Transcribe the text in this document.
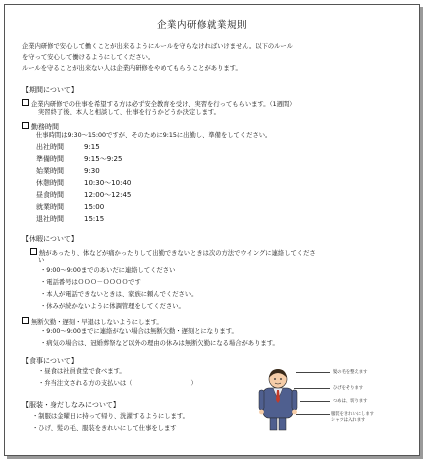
企業内研修就業規則
企業内研修で安心して働くことが出来るようにルールを守らなければいけません。以下のルール
を守って安心して働けるようにしてください。
ルールを守ることが出来ない人は企業内研修をやめてもらうことがあります。
【期間について】
企業内研修での仕事を希望する方は必ず安全教育を受け、実習を行ってもらいます。（1週間）
実習終了後、本人と相談して、仕事を行うかどうか決定します。
勤務時間
仕事時間は9:30～15:00ですが、そのために9:15に出勤し、準備をしてください。
出社時間	9:15
準備時間	9:15～9:25
始業時間	9:30
休憩時間	10:30～10:40
昼食時間	12:00～12:45
就業時間	15:00
退社時間	15:15
【休暇について】
熱があったり、体などが痛かったりして出勤できないときは次の方法でウイングに連絡してくださ
い
・9:00～9:00までのあいだに連絡してください
・電話番号はＯＯＯ－ＯＯＯＯです
・本人が電話できないときは、家族に頼んでください。
・休みが続かないように体調管理をしてください。
無断欠勤・遅刻・早退はしないようにします。
・9:00～9:00までに連絡がない場合は無断欠勤・遅刻とになります。
・病気の場合は、冠婚葬祭など以外の理由の休みは無断欠勤になる場合があります。
【食事について】
・昼食は社員食堂で食べます。
・弁当注文される方の支払いは（	）
【服装・身だしなみについて】
・制服は金曜日に持って帰り、洗濯するようにします。
・ひげ、髪の毛、服装をきれいにして仕事をします
髪の毛を整えます
ひげをそります
つめは、切ります
服装をきれいにします
シャツは入れます
